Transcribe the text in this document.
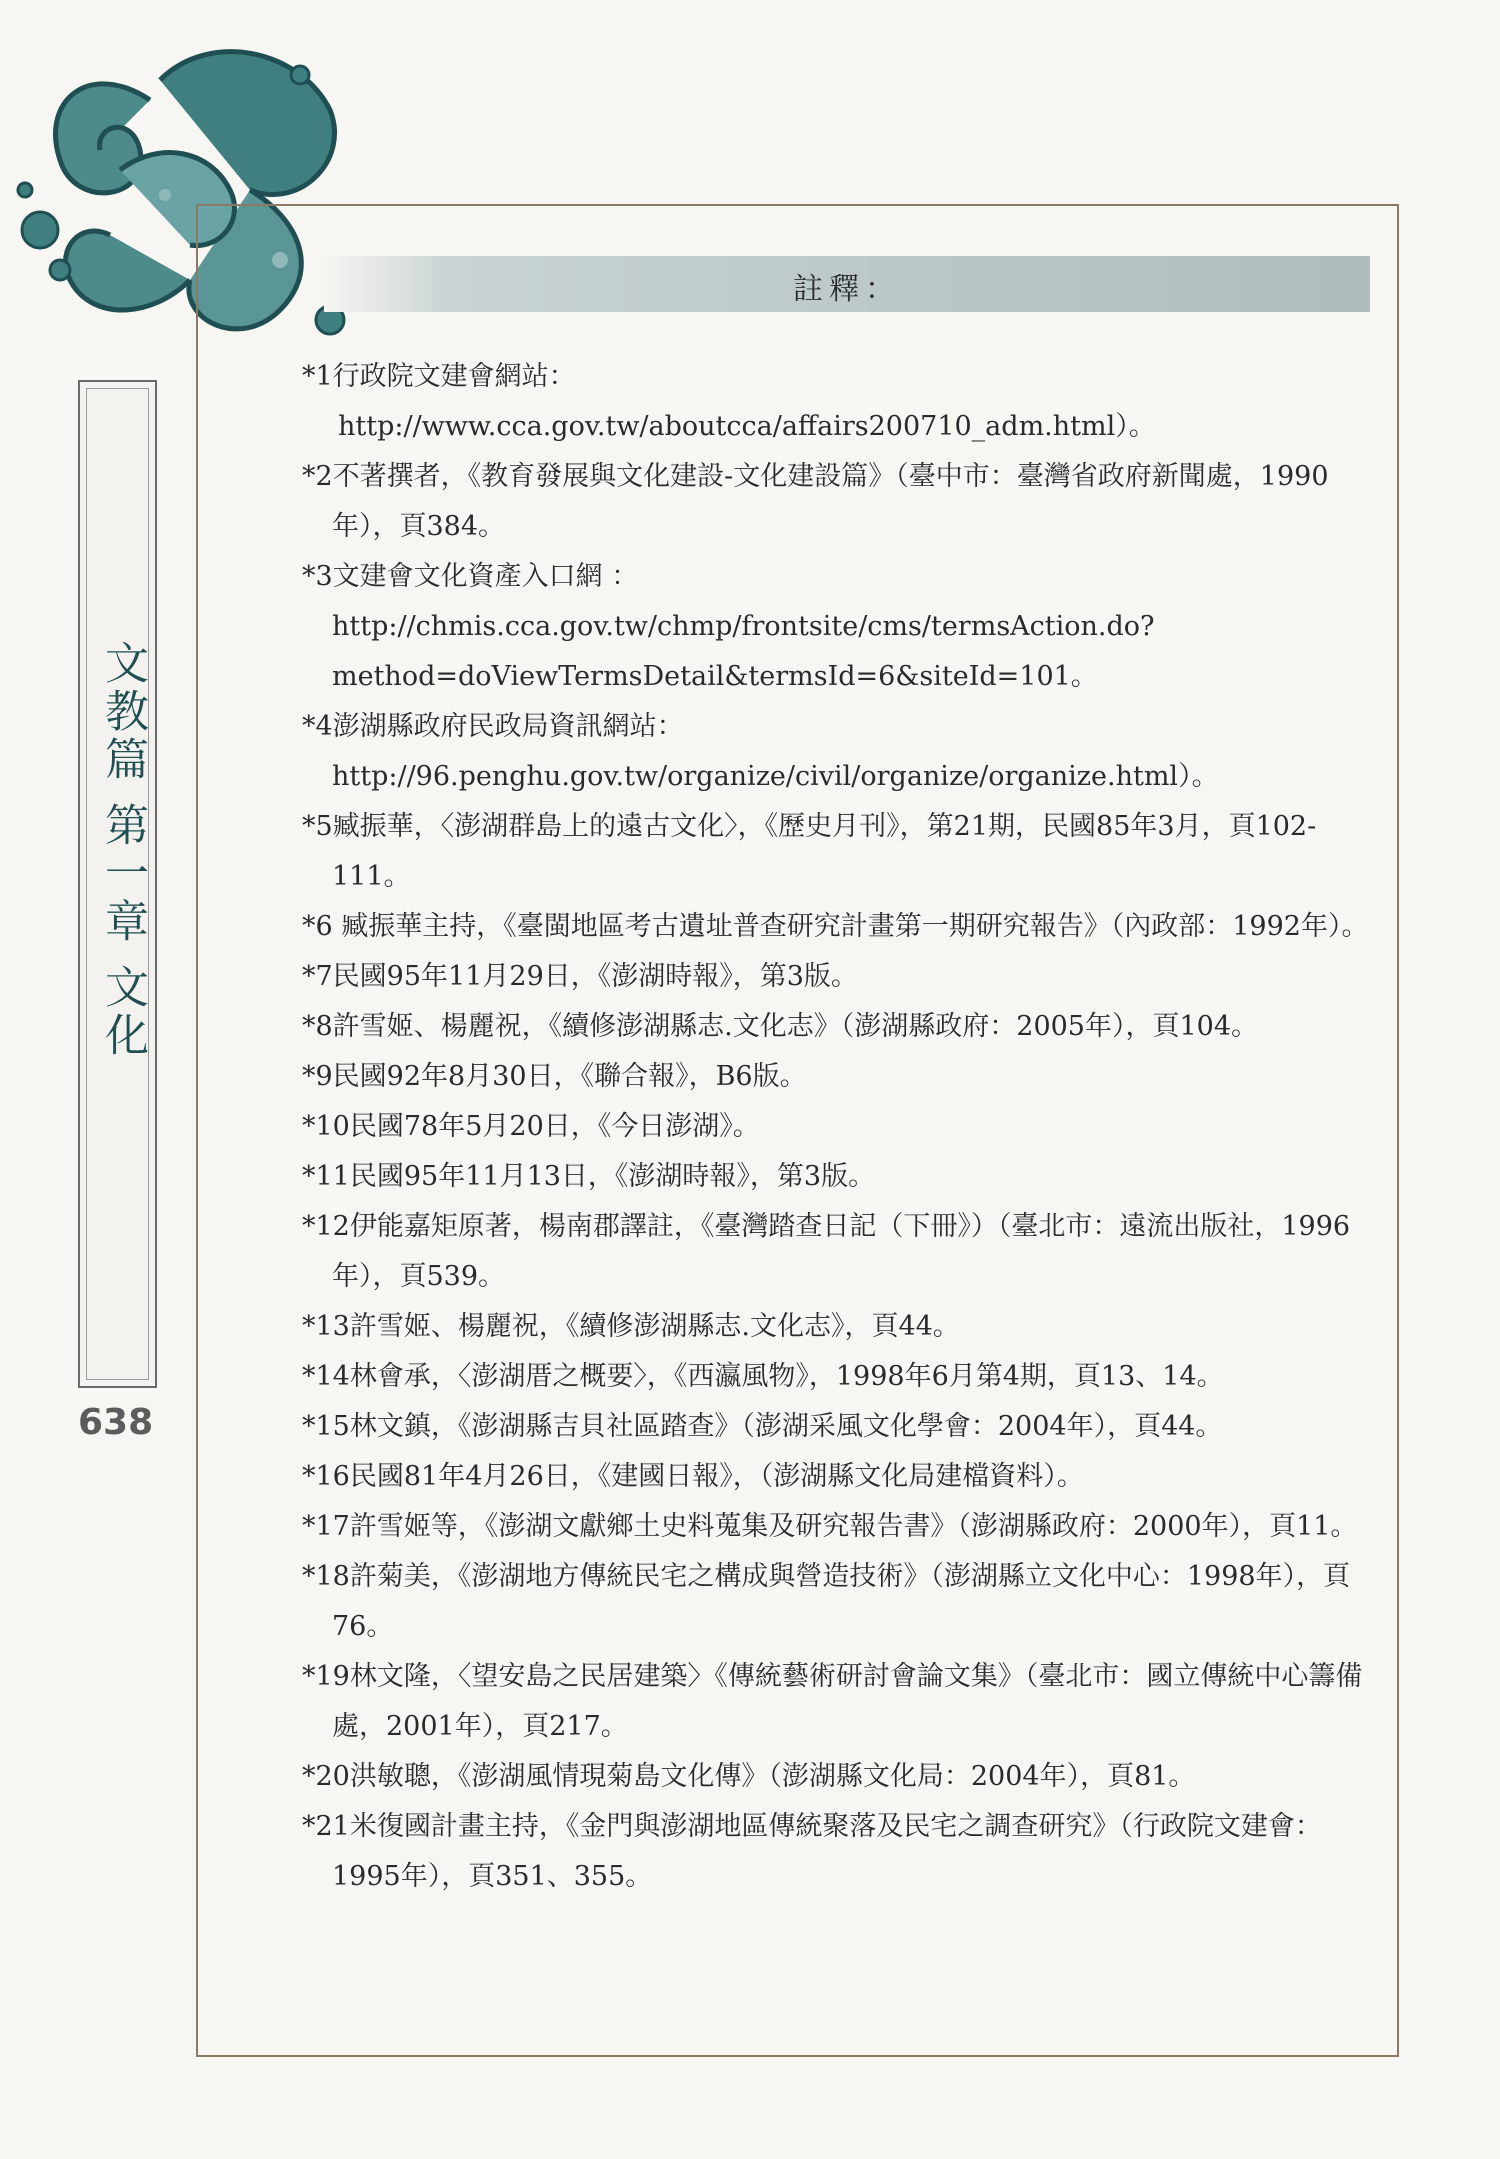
文教篇 第一章 文化
638
註釋：

*1行政院文建會網站：http://www.cca.gov.tw/aboutcca/affairs200710_adm.html）。

*2不著撰者，《教育發展與文化建設-文化建設篇》（臺中市：臺灣省政府新聞處，1990年），頁384。

*3文建會文化資產入口網 ：http://chmis.cca.gov.tw/chmp/frontsite/cms/termsAction.do?method=doViewTermsDetail&termsId=6&siteId=101。

*4澎湖縣政府民政局資訊網站：http://96.penghu.gov.tw/organize/civil/organize/organize.html）。

*5臧振華，〈澎湖群島上的遠古文化〉，《歷史月刊》，第21期，民國85年3月，頁102-111。

*6 臧振華主持，《臺閩地區考古遺址普查研究計畫第一期研究報告》（內政部：1992年）。

*7民國95年11月29日，《澎湖時報》，第3版。

*8許雪姬、楊麗祝，《續修澎湖縣志.文化志》（澎湖縣政府：2005年），頁104。

*9民國92年8月30日，《聯合報》，B6版。

*10民國78年5月20日，《今日澎湖》。

*11民國95年11月13日，《澎湖時報》，第3版。

*12伊能嘉矩原著，楊南郡譯註，《臺灣踏查日記（下冊》）（臺北市：遠流出版社，1996年），頁539。

*13許雪姬、楊麗祝，《續修澎湖縣志.文化志》，頁44。

*14林會承，〈澎湖厝之概要〉，《西瀛風物》，1998年6月第4期，頁13、14。

*15林文鎮，《澎湖縣吉貝社區踏查》（澎湖采風文化學會：2004年），頁44。

*16民國81年4月26日，《建國日報》，（澎湖縣文化局建檔資料）。

*17許雪姬等，《澎湖文獻鄉土史料蒐集及研究報告書》（澎湖縣政府：2000年），頁11。

*18許菊美，《澎湖地方傳統民宅之構成與營造技術》（澎湖縣立文化中心：1998年），頁76。

*19林文隆，〈望安島之民居建築〉《傳統藝術研討會論文集》（臺北市：國立傳統中心籌備處，2001年），頁217。

*20洪敏聰，《澎湖風情現菊島文化傳》（澎湖縣文化局：2004年），頁81。

*21米復國計畫主持，《金門與澎湖地區傳統聚落及民宅之調查研究》（行政院文建會：1995年），頁351、355。
